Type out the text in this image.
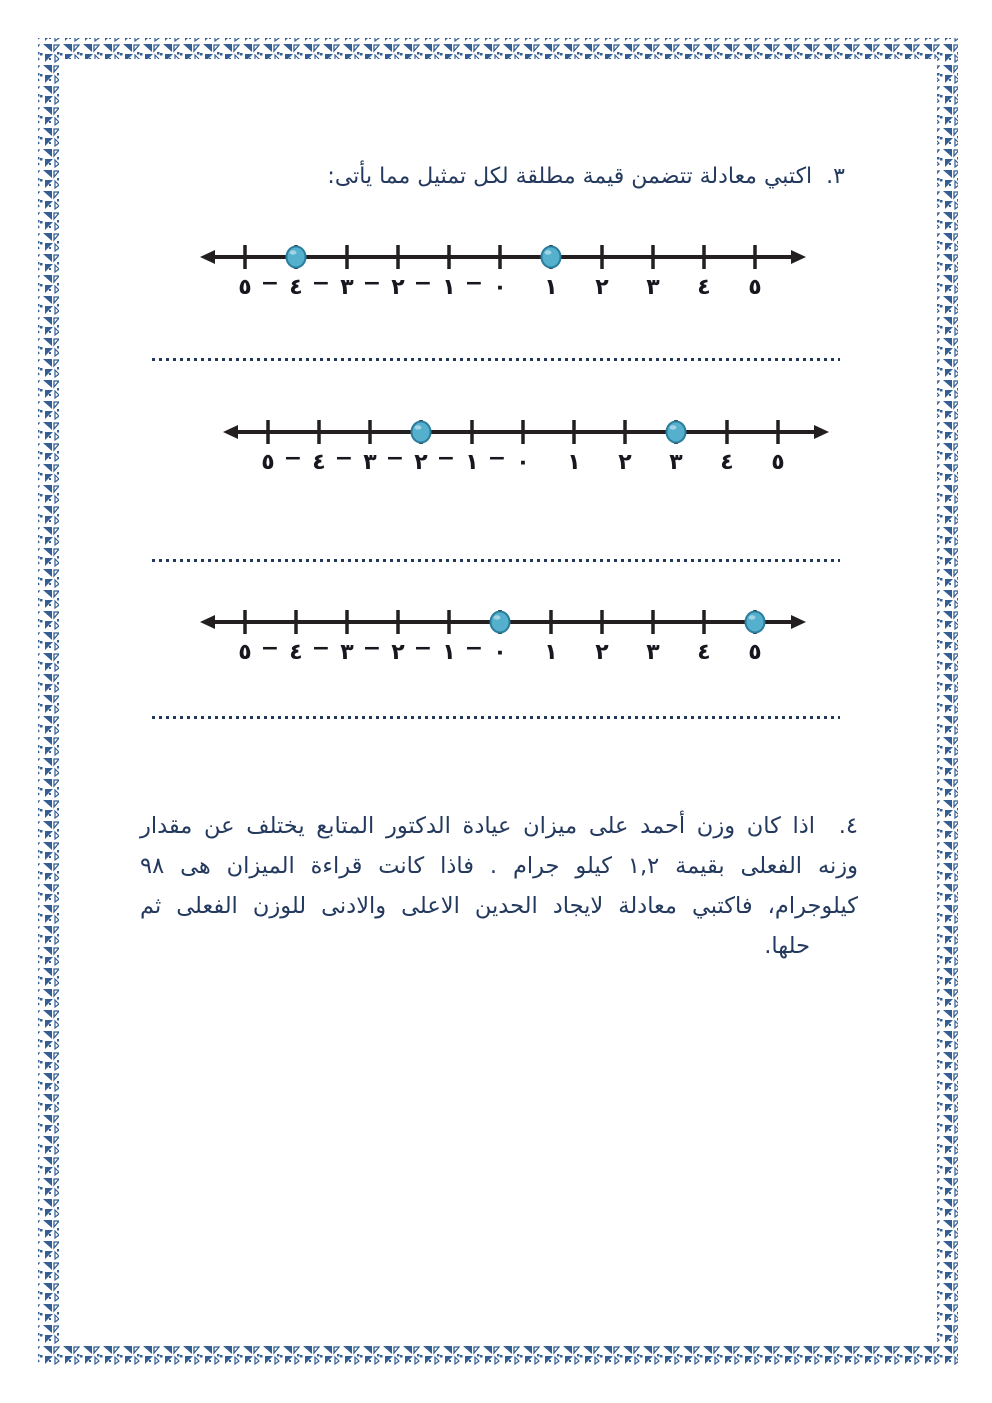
٣.اكتبي معادلة تتضمن قيمة مطلقة لكل تمثيل مما يأتى:
٥ − ٤ − ٣ − ٢ − ١ − ٠ ١ ٢ ٣ ٤ ٥
٥ − ٤ − ٣ − ٢ − ١ − ٠ ١ ٢ ٣ ٤ ٥
٥ − ٤ − ٣ − ٢ − ١ − ٠ ١ ٢ ٣ ٤ ٥
٤. اذا كان وزن أحمد على ميزان عيادة الدكتور المتابع يختلف عن مقدار
وزنه الفعلى بقيمة ١,٢ كيلو جرام . فاذا كانت قراءة الميزان هى ٩٨
كيلوجرام، فاكتبي معادلة لايجاد الحدين الاعلى والادنى للوزن الفعلى ثم
حلها.
